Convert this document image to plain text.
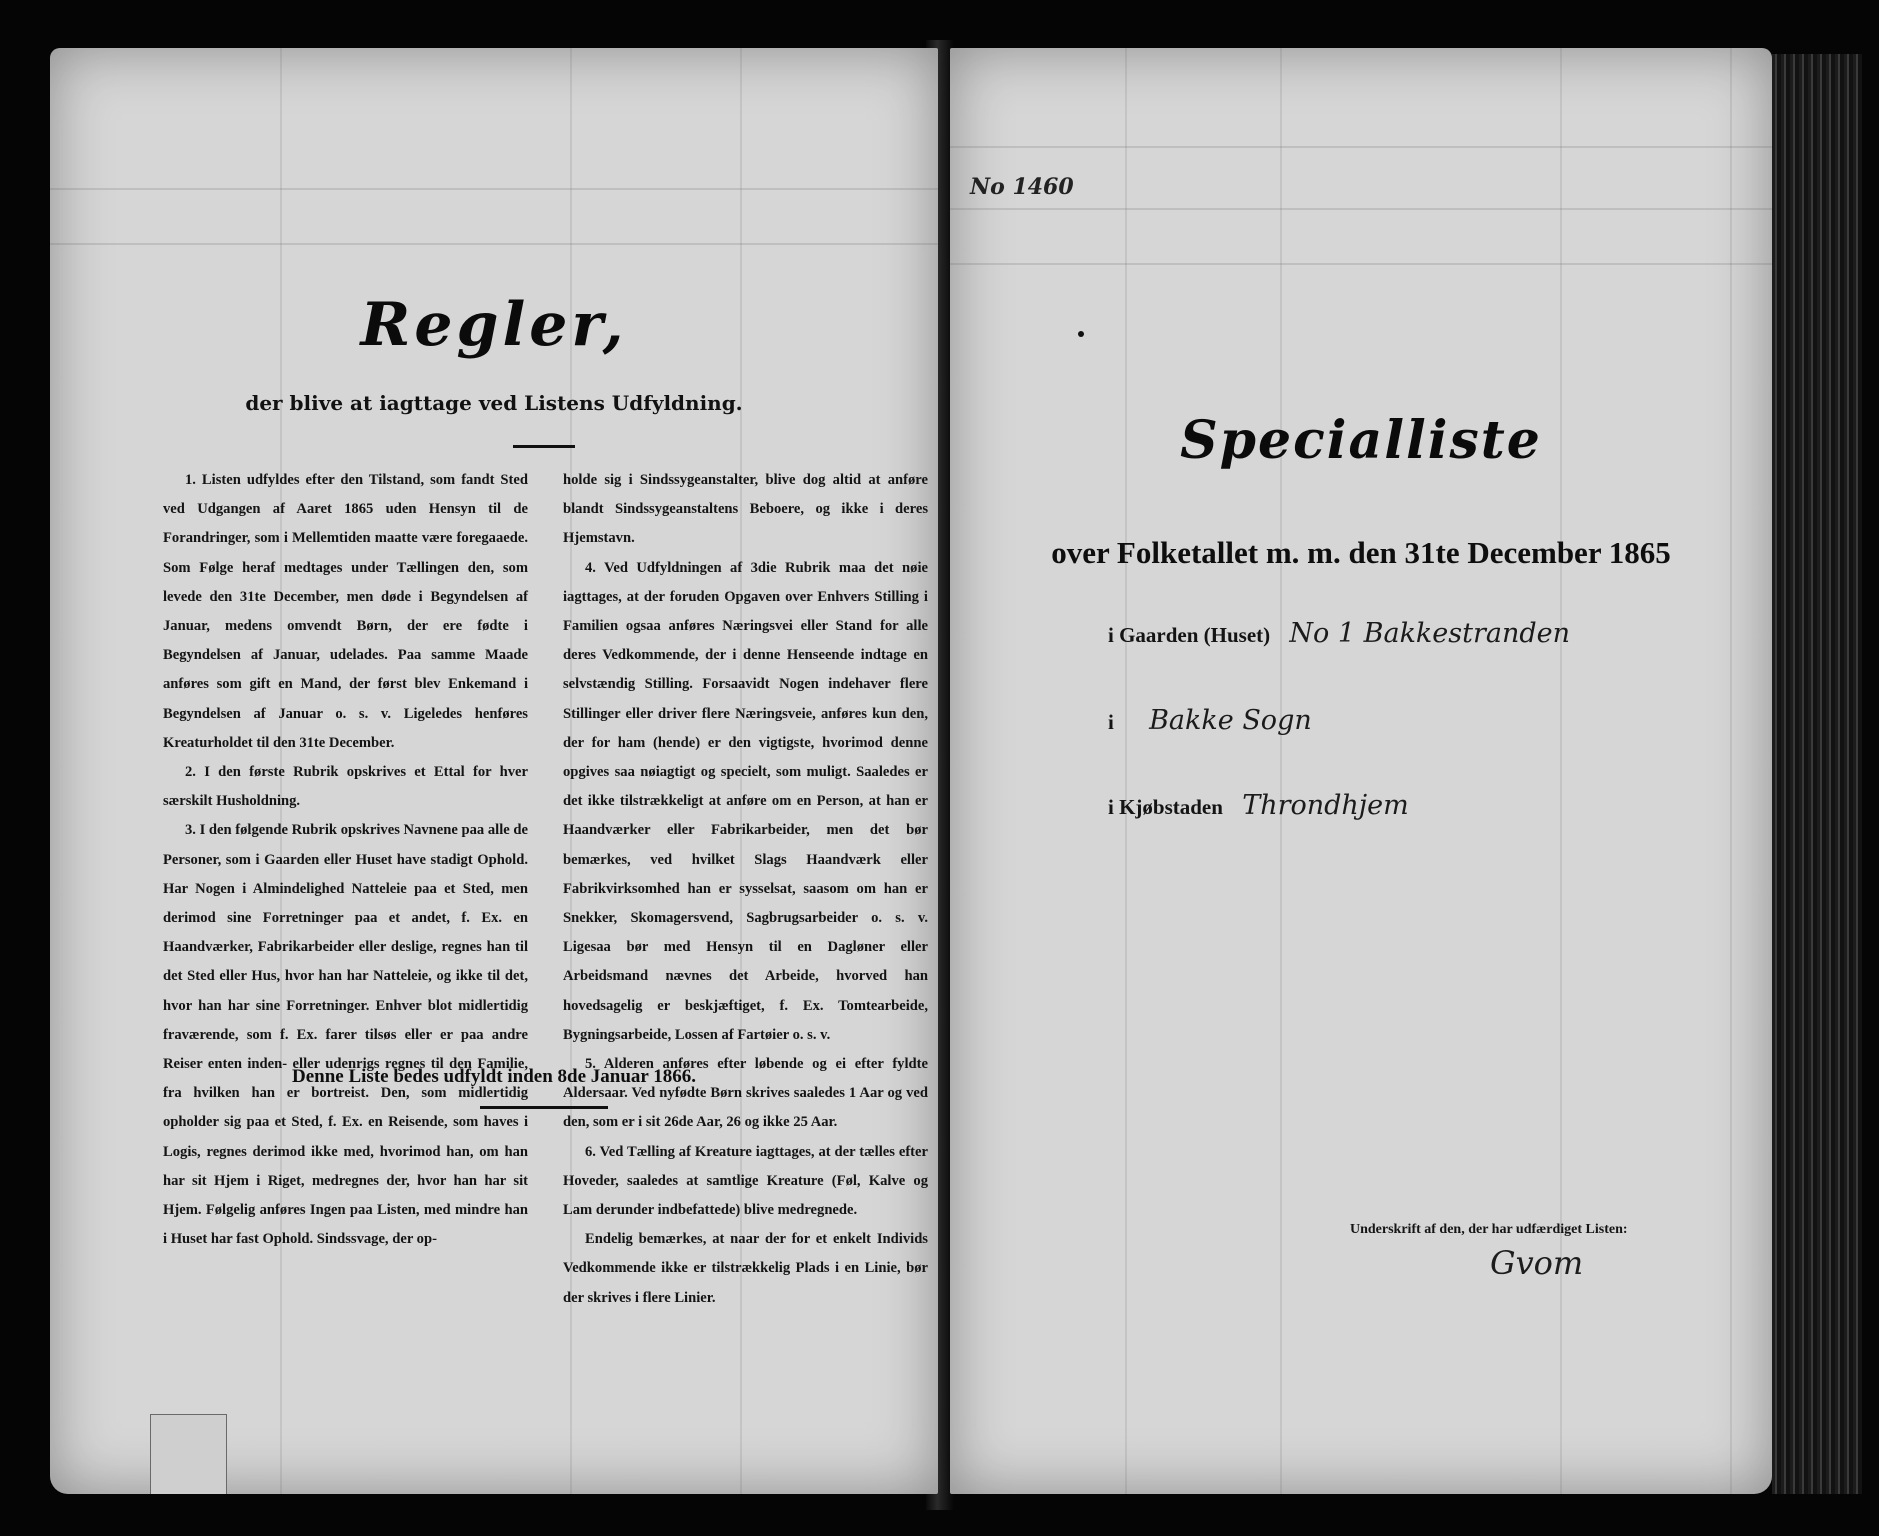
Regler,
der blive at iagttage ved Listens Udfyldning.

1. Listen udfyldes efter den Tilstand, som fandt Sted ved Udgangen af Aaret 1865 uden Hensyn til de Forandringer, som i Mellemtiden maatte være foregaaede. Som Følge heraf medtages under Tællingen den, som levede den 31te December, men døde i Begyndelsen af Januar, medens omvendt Børn, der ere fødte i Begyndelsen af Januar, udelades. Paa samme Maade anføres som gift en Mand, der først blev Enkemand i Begyndelsen af Januar o. s. v. Ligeledes henføres Kreaturholdet til den 31te December.

2. I den første Rubrik opskrives et Ettal for hver særskilt Husholdning.

3. I den følgende Rubrik opskrives Navnene paa alle de Personer, som i Gaarden eller Huset have stadigt Ophold. Har Nogen i Almindelighed Natteleie paa et Sted, men derimod sine Forretninger paa et andet, f. Ex. en Haandværker, Fabrikarbeider eller deslige, regnes han til det Sted eller Hus, hvor han har Natteleie, og ikke til det, hvor han har sine Forretninger. Enhver blot midlertidig fraværende, som f. Ex. farer tilsøs eller er paa andre Reiser enten inden- eller udenrigs regnes til den Familie, fra hvilken han er bortreist. Den, som midlertidig opholder sig paa et Sted, f. Ex. en Reisende, som haves i Logis, regnes derimod ikke med, hvorimod han, om han har sit Hjem i Riget, medregnes der, hvor han har sit Hjem. Følgelig anføres Ingen paa Listen, med mindre han i Huset har fast Ophold. Sindssvage, der op-

holde sig i Sindssygeanstalter, blive dog altid at anføre blandt Sindssygeanstaltens Beboere, og ikke i deres Hjemstavn.

4. Ved Udfyldningen af 3die Rubrik maa det nøie iagttages, at der foruden Opgaven over Enhvers Stilling i Familien ogsaa anføres Næringsvei eller Stand for alle deres Vedkommende, der i denne Henseende indtage en selvstændig Stilling. Forsaavidt Nogen indehaver flere Stillinger eller driver flere Næringsveie, anføres kun den, der for ham (hende) er den vigtigste, hvorimod denne opgives saa nøiagtigt og specielt, som muligt. Saaledes er det ikke tilstrækkeligt at anføre om en Person, at han er Haandværker eller Fabrikarbeider, men det bør bemærkes, ved hvilket Slags Haandværk eller Fabrikvirksomhed han er sysselsat, saasom om han er Snekker, Skomagersvend, Sagbrugsarbeider o. s. v. Ligesaa bør med Hensyn til en Dagløner eller Arbeidsmand nævnes det Arbeide, hvorved han hovedsagelig er beskjæftiget, f. Ex. Tomtearbeide, Bygningsarbeide, Lossen af Fartøier o. s. v.

5. Alderen anføres efter løbende og ei efter fyldte Aldersaar. Ved nyfødte Børn skrives saaledes 1 Aar og ved den, som er i sit 26de Aar, 26 og ikke 25 Aar.

6. Ved Tælling af Kreature iagttages, at der tælles efter Hoveder, saaledes at samtlige Kreature (Føl, Kalve og Lam derunder indbefattede) blive medregnede.

Endelig bemærkes, at naar der for et enkelt Individs Vedkommende ikke er tilstrækkelig Plads i en Linie, bør der skrives i flere Linier.

Denne Liste bedes udfyldt inden 8de Januar 1866.
No 1460
Specialliste
over Folketallet m. m. den 31te December 1865
i Gaarden (Huset) No 1 Bakkestranden
i Bakke Sogn
i Kjøbstaden Throndhjem
Underskrift af den, der har udfærdiget Listen:
Gvom
